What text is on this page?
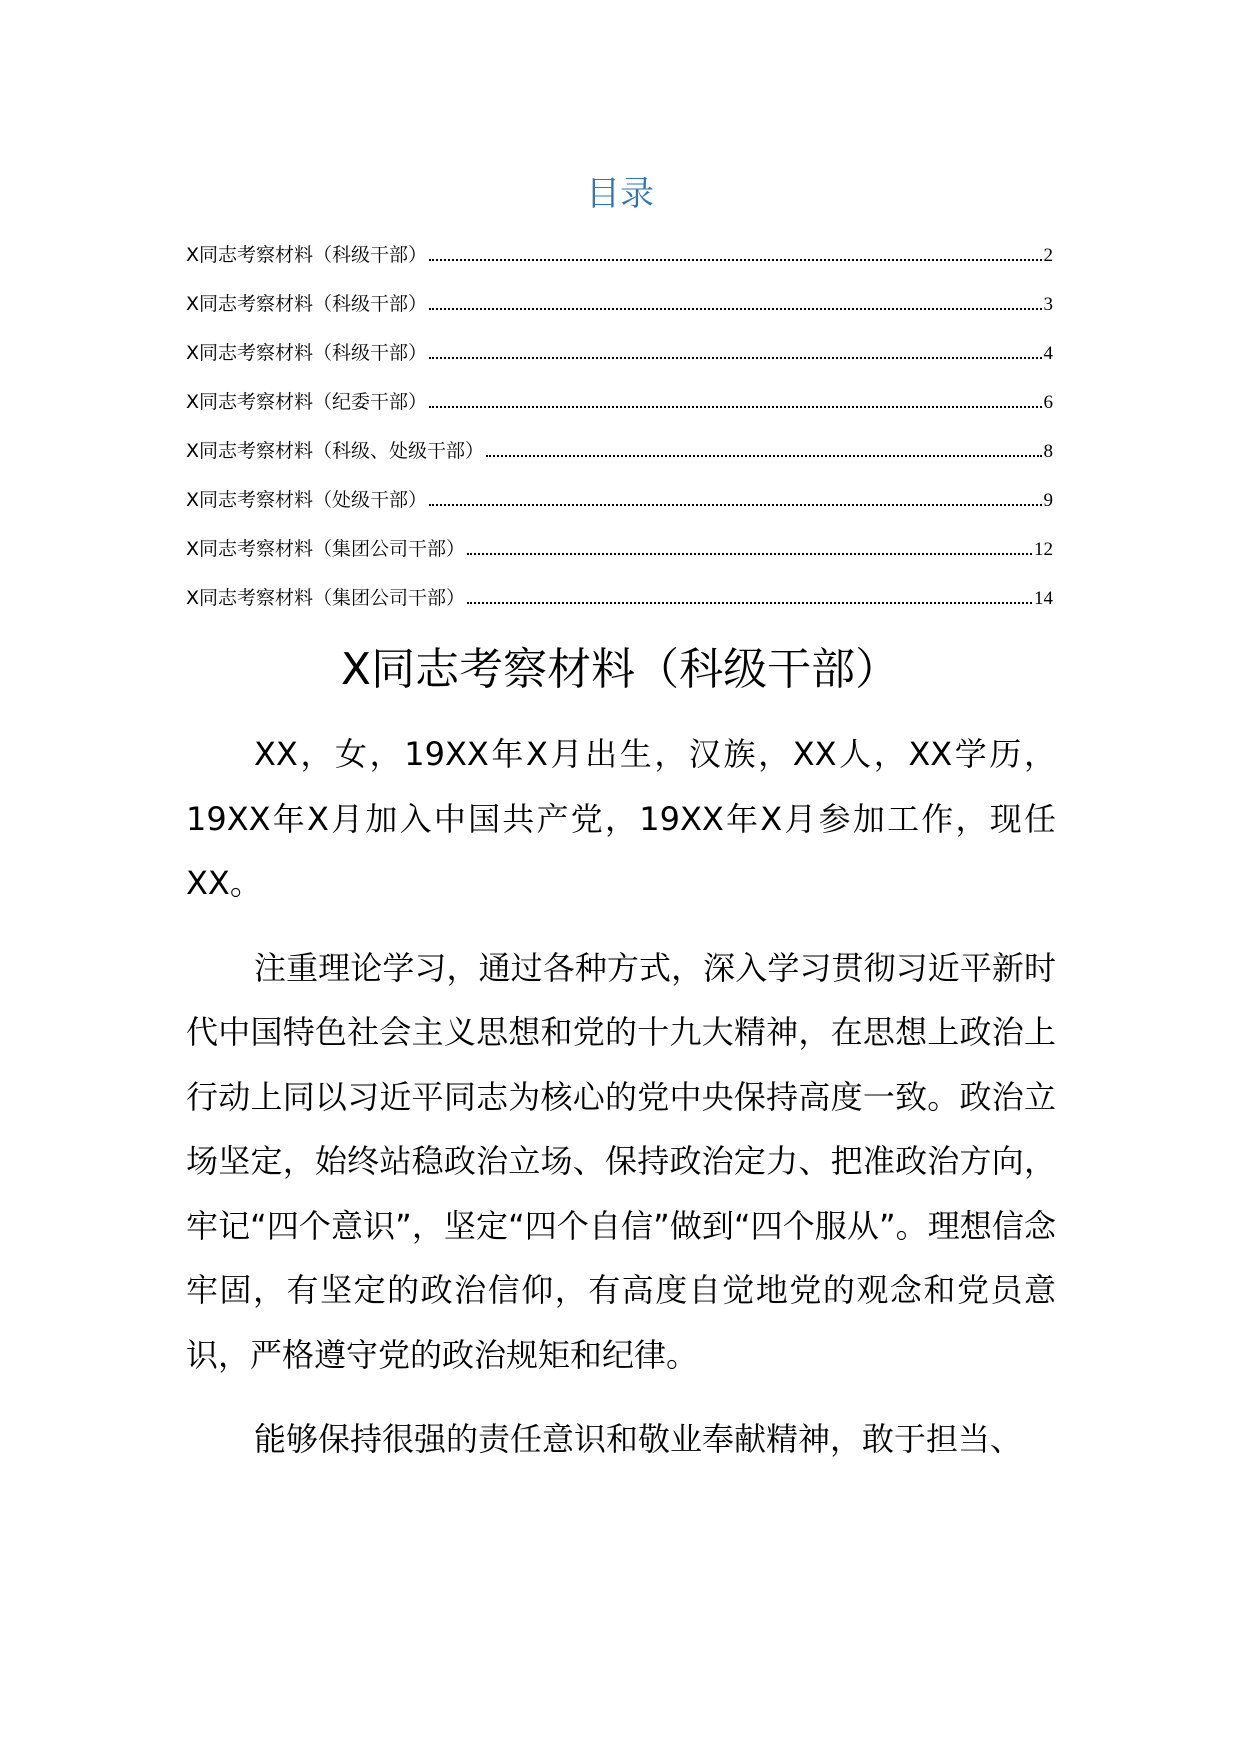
目录
X同志考察材料（科级干部）	2
X同志考察材料（科级干部）	3
X同志考察材料（科级干部）	4
X同志考察材料（纪委干部）	6
X同志考察材料（科级、处级干部）	8
X同志考察材料（处级干部）	9
X同志考察材料（集团公司干部）	12
X同志考察材料（集团公司干部）	14
X同志考察材料（科级干部）

XX，女，19XX年X月出生，汉族，XX人，XX学历，19XX年X月加入中国共产党，19XX年X月参加工作，现任XX。

注重理论学习，通过各种方式，深入学习贯彻习近平新时代中国特色社会主义思想和党的十九大精神，在思想上政治上行动上同以习近平同志为核心的党中央保持高度一致。政治立场坚定，始终站稳政治立场、保持政治定力、把准政治方向，牢记“四个意识”，坚定“四个自信”做到“四个服从”。理想信念牢固，有坚定的政治信仰，有高度自觉地党的观念和党员意识，严格遵守党的政治规矩和纪律。

能够保持很强的责任意识和敬业奉献精神，敢于担当、
